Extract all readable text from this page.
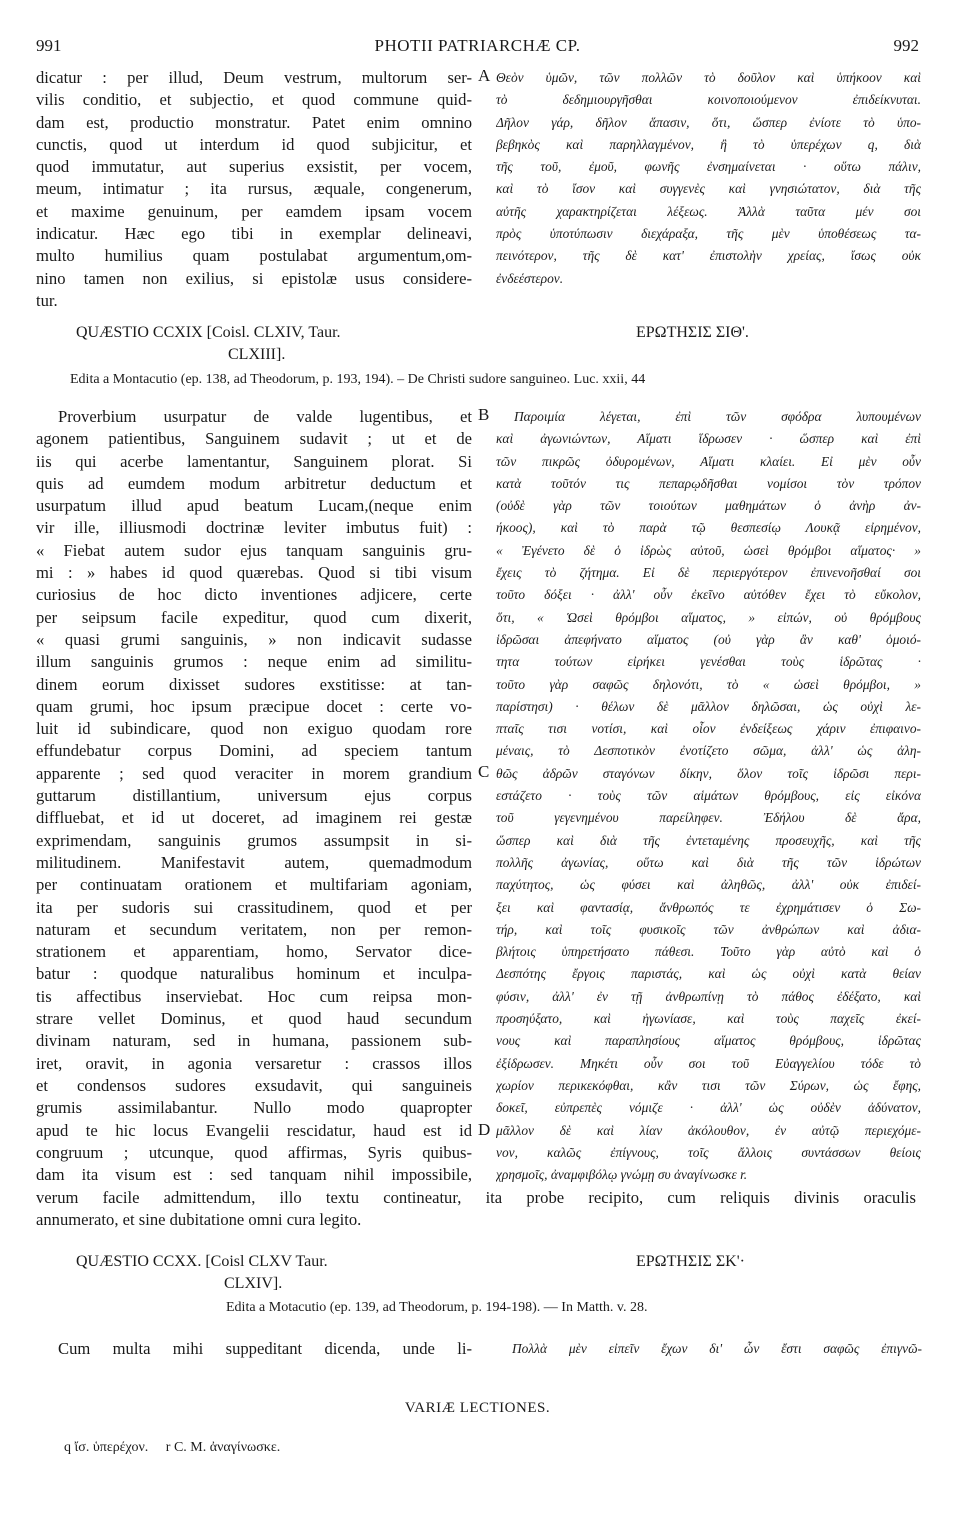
991	PHOTII PATRIARCHÆ CP.	992
dicatur : per illud, Deum vestrum, multorum ser-
vilis conditio, et subjectio, et quod commune quid-
dam est, productio monstratur. Patet enim omnino
cunctis, quod ut interdum id quod subjicitur, et
quod immutatur, aut superius exsistit, per vocem,
meum, intimatur ; ita rursus, æquale, congenerum,
et maxime genuinum, per eamdem ipsam vocem
indicatur. Hæc ego tibi in exemplar delineavi,
multo humilius quam postulabat argumentum,om-
nino tamen non exilius, si epistolæ usus considere-
tur.
Θεὸν ὑμῶν, τῶν πολλῶν τὸ δοῦλον καὶ ὑπήκοον καὶ
τὸ δεδημιουργῆσθαι κοινοποιούμενον ἐπιδείκνυται.
Δῆλον γάρ, δῆλον ἅπασιν, ὅτι, ὥσπερ ἐνίοτε τὸ ὑπο-
βεβηκὸς καὶ παρηλλαγμένον, ἢ τὸ ὑπερέχων q, διὰ
τῆς τοῦ, ἐμοῦ, φωνῆς ἐνσημαίνεται · οὕτω πάλιν,
καὶ τὸ ἴσον καὶ συγγενὲς καὶ γνησιώτατον, διὰ τῆς
αὐτῆς χαρακτηρίζεται λέξεως. Ἀλλὰ ταῦτα μέν σοι
πρὸς ὑποτύπωσιν διεχάραξα, τῆς μὲν ὑποθέσεως τα-
πεινότερον, τῆς δὲ κατ' ἐπιστολὴν χρείας, ἴσως οὐκ
ἐνδεέστερον.
A
QUÆSTIO CCXIX [Coisl. CLXIV, Taur.
CLXIII].
ΕΡΩΤΗΣΙΣ ΣΙΘ'.
Edita a Montacutio (ep. 138, ad Theodorum, p. 193, 194). – De Christi sudore sanguineo. Luc. xxii, 44
Proverbium usurpatur de valde lugentibus, et
agonem patientibus, Sanguinem sudavit ; ut et de
iis qui acerbe lamentantur, Sanguinem plorat. Si
quis ad eumdem modum arbitretur deductum et
usurpatum illud apud beatum Lucam,(neque enim
vir ille, illiusmodi doctrinæ leviter imbutus fuit) :
« Fiebat autem sudor ejus tanquam sanguinis gru-
mi : » habes id quod quærebas. Quod si tibi visum
curiosius de hoc dicto inventiones adjicere, certe
per seipsum facile expeditur, quod cum dixerit,
« quasi grumi sanguinis, » non indicavit sudasse
illum sanguinis grumos : neque enim ad similitu-
dinem eorum dixisset sudores exstitisse: at tan-
quam grumi, hoc ipsum præcipue docet : certe vo-
luit id subindicare, quod non exiguo quodam rore
effundebatur corpus Domini, ad speciem tantum
apparente ; sed quod veraciter in morem grandium
guttarum distillantium, universum ejus corpus
diffluebat, et id ut doceret, ad imaginem rei gestæ
exprimendam, sanguinis grumos assumpsit in si-
militudinem. Manifestavit autem, quemadmodum
per continuatam orationem et multifariam agoniam,
ita per sudoris sui crassitudinem, quod et per
naturam et secundum veritatem, non per remon-
strationem et apparentiam, homo, Servator dice-
batur : quodque naturalibus hominum et inculpa-
tis affectibus inserviebat. Hoc cum reipsa mon-
strare vellet Dominus, et quod haud secundum
divinam naturam, sed in humana, passionem sub-
iret, oravit, in agonia versaretur : crassos illos
et condensos sudores exsudavit, qui sanguineis
grumis assimilabantur. Nullo modo quapropter
apud te hic locus Evangelii rescidatur, haud est id
congruum ; utcunque, quod affirmas, Syris quibus-
dam ita visum est : sed tanquam nihil impossibile,
Παροιμία λέγεται, ἐπὶ τῶν σφόδρα λυπουμένων
καὶ ἀγωνιώντων, Αἵματι ἵδρωσεν · ὥσπερ καὶ ἐπὶ
τῶν πικρῶς ὀδυρομένων, Αἵματι κλαίει. Εἰ μὲν οὖν
κατὰ τοῦτόν τις πεπαρῳδῆσθαι νομίσοι τὸν τρόπον
(οὐδὲ γὰρ τῶν τοιούτων μαθημάτων ὁ ἀνὴρ ἀν-
ήκοος), καὶ τὸ παρὰ τῷ θεσπεσίῳ Λουκᾷ εἰρημένον,
« Ἐγένετο δὲ ὁ ἱδρὼς αὐτοῦ, ὡσεὶ θρόμβοι αἵματος· »
ἔχεις τὸ ζήτημα. Εἰ δὲ περιεργότερον ἐπινενοῆσθαί σοι
τοῦτο δόξει · ἀλλ' οὖν ἐκεῖνο αὐτόθεν ἔχει τὸ εὔκολον,
ὅτι, « Ὡσεὶ θρόμβοι αἵματος, » εἰπών, οὐ θρόμβους
ἱδρῶσαι ἀπεφήνατο αἵματος (οὐ γὰρ ἂν καθ' ὁμοιό-
τητα τούτων εἰρήκει γενέσθαι τοὺς ἱδρῶτας ·
τοῦτο γὰρ σαφῶς δηλονότι, τὸ « ὡσεὶ θρόμβοι, »
παρίστησι) · θέλων δὲ μᾶλλον δηλῶσαι, ὡς οὐχὶ λε-
πταῖς τισι νοτίσι, καὶ οἷον ἐνδείξεως χάριν ἐπιφαινο-
μέναις, τὸ Δεσποτικὸν ἐνοτίζετο σῶμα, ἀλλ' ὡς ἀλη-
θῶς ἀδρῶν σταγόνων δίκην, ὅλον τοῖς ἱδρῶσι περι-
εστάζετο · τοὺς τῶν αἱμάτων θρόμβους, εἰς εἰκόνα
τοῦ γεγενημένου παρείληφεν. Ἐδήλου δὲ ἄρα,
ὥσπερ καὶ διὰ τῆς ἐντεταμένης προσευχῆς, καὶ τῆς
πολλῆς ἀγωνίας, οὕτω καὶ διὰ τῆς τῶν ἱδρώτων
παχύτητος, ὡς φύσει καὶ ἀληθῶς, ἀλλ' οὐκ ἐπιδεί-
ξει καὶ φαντασίᾳ, ἄνθρωπός τε ἐχρημάτισεν ὁ Σω-
τήρ, καὶ τοῖς φυσικοῖς τῶν ἀνθρώπων καὶ ἀδια-
βλήτοις ὑπηρετήσατο πάθεσι. Τοῦτο γὰρ αὐτὸ καὶ ὁ
Δεσπότης ἔργοις παριστάς, καὶ ὡς οὐχὶ κατὰ θείαν
φύσιν, ἀλλ' ἐν τῇ ἀνθρωπίνῃ τὸ πάθος ἐδέξατο, καὶ
προσηύξατο, καὶ ἠγωνίασε, καὶ τοὺς παχεῖς ἐκεί-
νους καὶ παραπλησίους αἵματος θρόμβους, ἱδρῶτας
ἐξίδρωσεν. Μηκέτι οὖν σοι τοῦ Εὐαγγελίου τόδε τὸ
χωρίον περικεκόφθαι, κἂν τισι τῶν Σύρων, ὡς ἔφης,
δοκεῖ, εὐπρεπὲς νόμιζε · ἀλλ' ὡς οὐδὲν ἀδύνατον,
μᾶλλον δὲ καὶ λίαν ἀκόλουθον, ἐν αὐτῷ περιεχόμε-
νον, καλῶς ἐπίγνους, τοῖς ἄλλοις συντάσσων θείοις
χρησμοῖς, ἀναμφιβόλῳ γνώμῃ συ ἀναγίνωσκε r.
B
C
D
verum facile admittendum, illo textu contineatur, ita probe recipito, cum reliquis divinis oraculis
annumerato, et sine dubitatione omni cura legito.
QUÆSTIO CCXX. [Coisl CLXV Taur.
CLXIV].
ΕΡΩΤΗΣΙΣ ΣΚ'·
Edita a Motacutio (ep. 139, ad Theodorum, p. 194-198). — In Matth. v. 28.
Cum multa mihi suppeditant dicenda, unde li-	Πολλὰ μὲν εἰπεῖν ἔχων δι' ὧν ἔστι σαφῶς ἐπιγνῶ-
VARIÆ LECTIONES.
q ἴσ. ὑπερέχον. r C. M. ἀναγίνωσκε.
